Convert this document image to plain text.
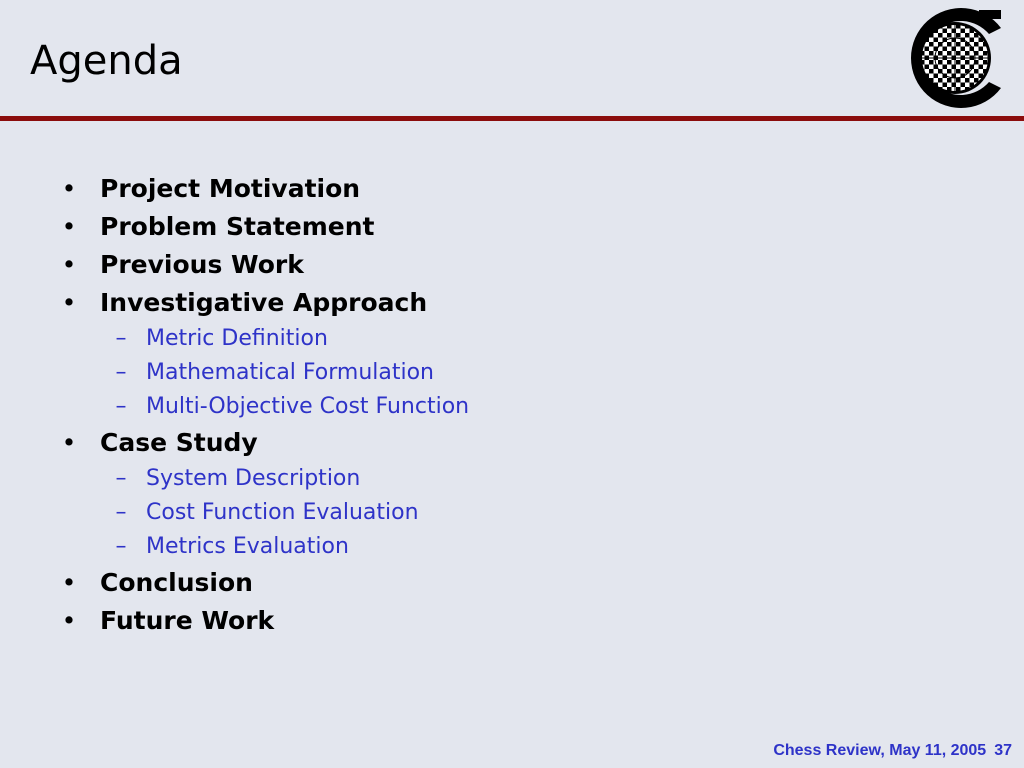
Agenda
• Project Motivation
• Problem Statement
• Previous Work
• Investigative Approach
– Metric Definition
– Mathematical Formulation
– Multi-Objective Cost Function
• Case Study
– System Description
– Cost Function Evaluation
– Metrics Evaluation
• Conclusion
• Future Work
Chess Review, May 11, 2005 37
